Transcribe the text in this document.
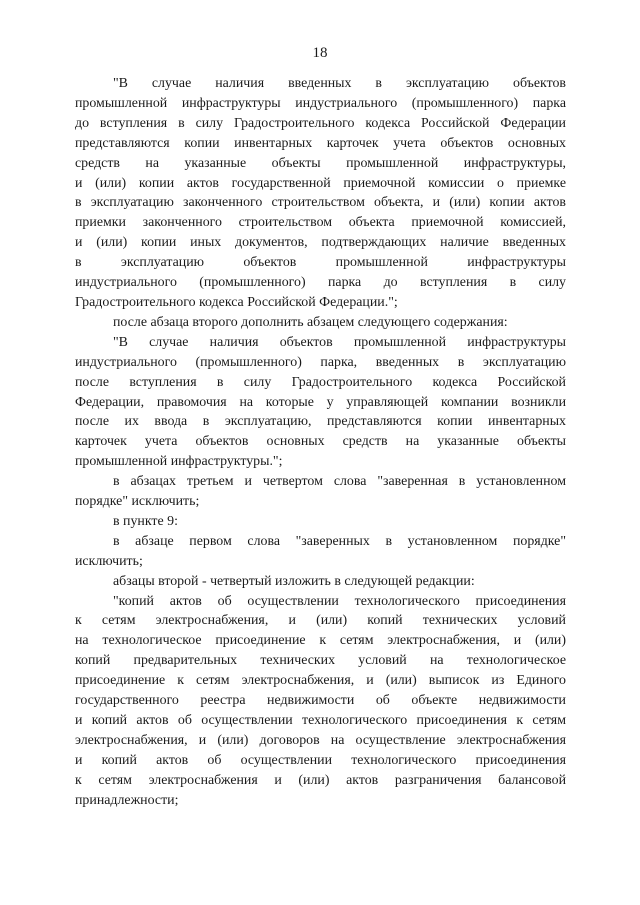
18

"В случае наличия введенных в эксплуатацию объектов
промышленной инфраструктуры индустриального (промышленного) парка
до вступления в силу Градостроительного кодекса Российской Федерации
представляются копии инвентарных карточек учета объектов основных
средств на указанные объекты промышленной инфраструктуры,
и (или) копии актов государственной приемочной комиссии о приемке
в эксплуатацию законченного строительством объекта, и (или) копии актов
приемки законченного строительством объекта приемочной комиссией,
и (или) копии иных документов, подтверждающих наличие введенных
в эксплуатацию объектов промышленной инфраструктуры
индустриального (промышленного) парка до вступления в силу
Градостроительного кодекса Российской Федерации.";

после абзаца второго дополнить абзацем следующего содержания:

"В случае наличия объектов промышленной инфраструктуры
индустриального (промышленного) парка, введенных в эксплуатацию
после вступления в силу Градостроительного кодекса Российской
Федерации, правомочия на которые у управляющей компании возникли
после их ввода в эксплуатацию, представляются копии инвентарных
карточек учета объектов основных средств на указанные объекты
промышленной инфраструктуры.";

в абзацах третьем и четвертом слова "заверенная в установленном
порядке" исключить;

в пункте 9:

в абзаце первом слова "заверенных в установленном порядке"
исключить;

абзацы второй - четвертый изложить в следующей редакции:

"копий актов об осуществлении технологического присоединения
к сетям электроснабжения, и (или) копий технических условий
на технологическое присоединение к сетям электроснабжения, и (или)
копий предварительных технических условий на технологическое
присоединение к сетям электроснабжения, и (или) выписок из Единого
государственного реестра недвижимости об объекте недвижимости
и копий актов об осуществлении технологического присоединения к сетям
электроснабжения, и (или) договоров на осуществление электроснабжения
и копий актов об осуществлении технологического присоединения
к сетям электроснабжения и (или) актов разграничения балансовой
принадлежности;
